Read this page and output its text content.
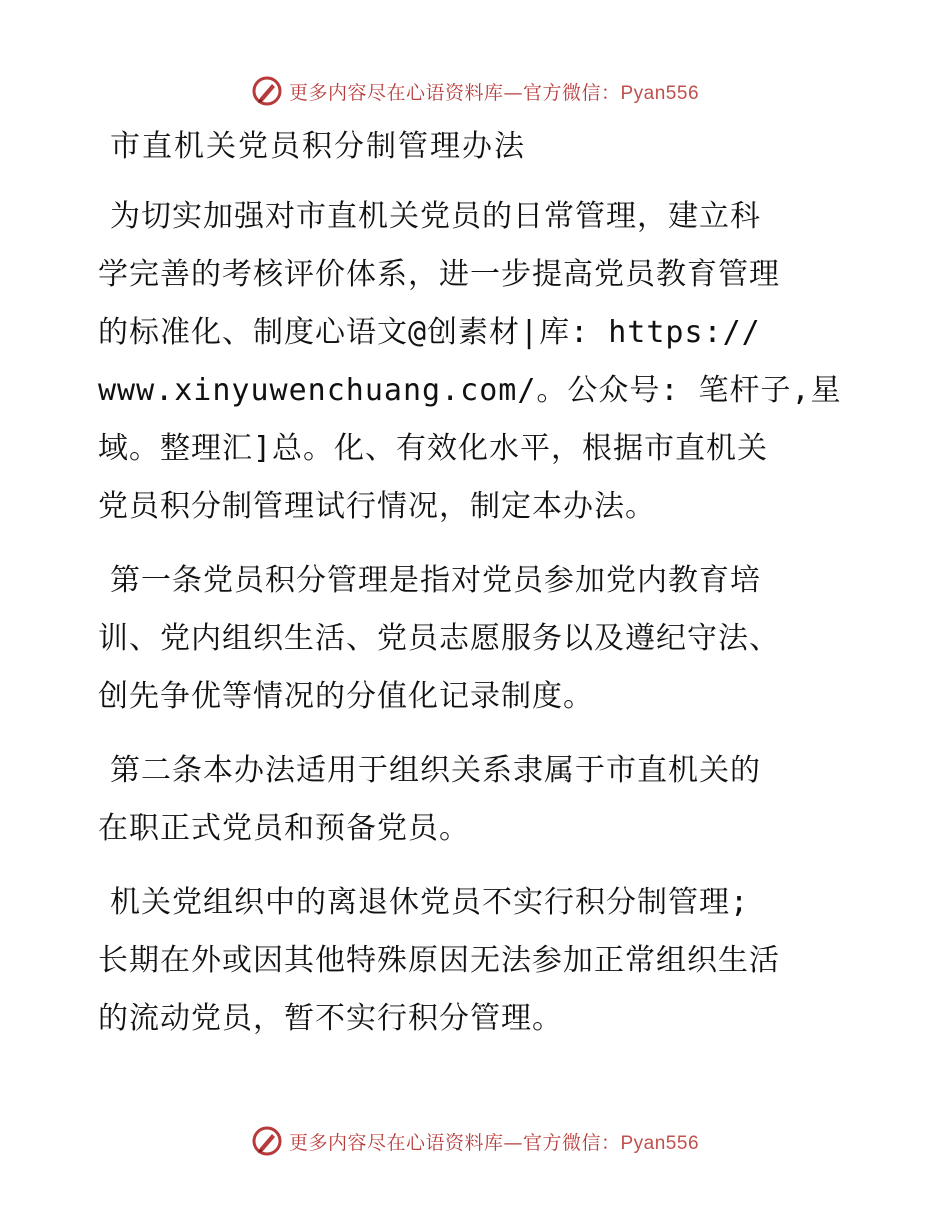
更多内容尽在心语资料库—官方微信：Pyan556
市直机关党员积分制管理办法

为切实加强对市直机关党员的日常管理，建立科
学完善的考核评价体系，进一步提高党员教育管理
的标准化、制度心语文@创素材|库: https://
www.xinyuwenchuang.com/。公众号: 笔杆子,星
域。整理汇]总。化、有效化水平，根据市直机关
党员积分制管理试行情况，制定本办法。

第一条党员积分管理是指对党员参加党内教育培
训、党内组织生活、党员志愿服务以及遵纪守法、
创先争优等情况的分值化记录制度。

第二条本办法适用于组织关系隶属于市直机关的
在职正式党员和预备党员。

机关党组织中的离退休党员不实行积分制管理;
长期在外或因其他特殊原因无法参加正常组织生活
的流动党员，暂不实行积分管理。

更多内容尽在心语资料库—官方微信：Pyan556
